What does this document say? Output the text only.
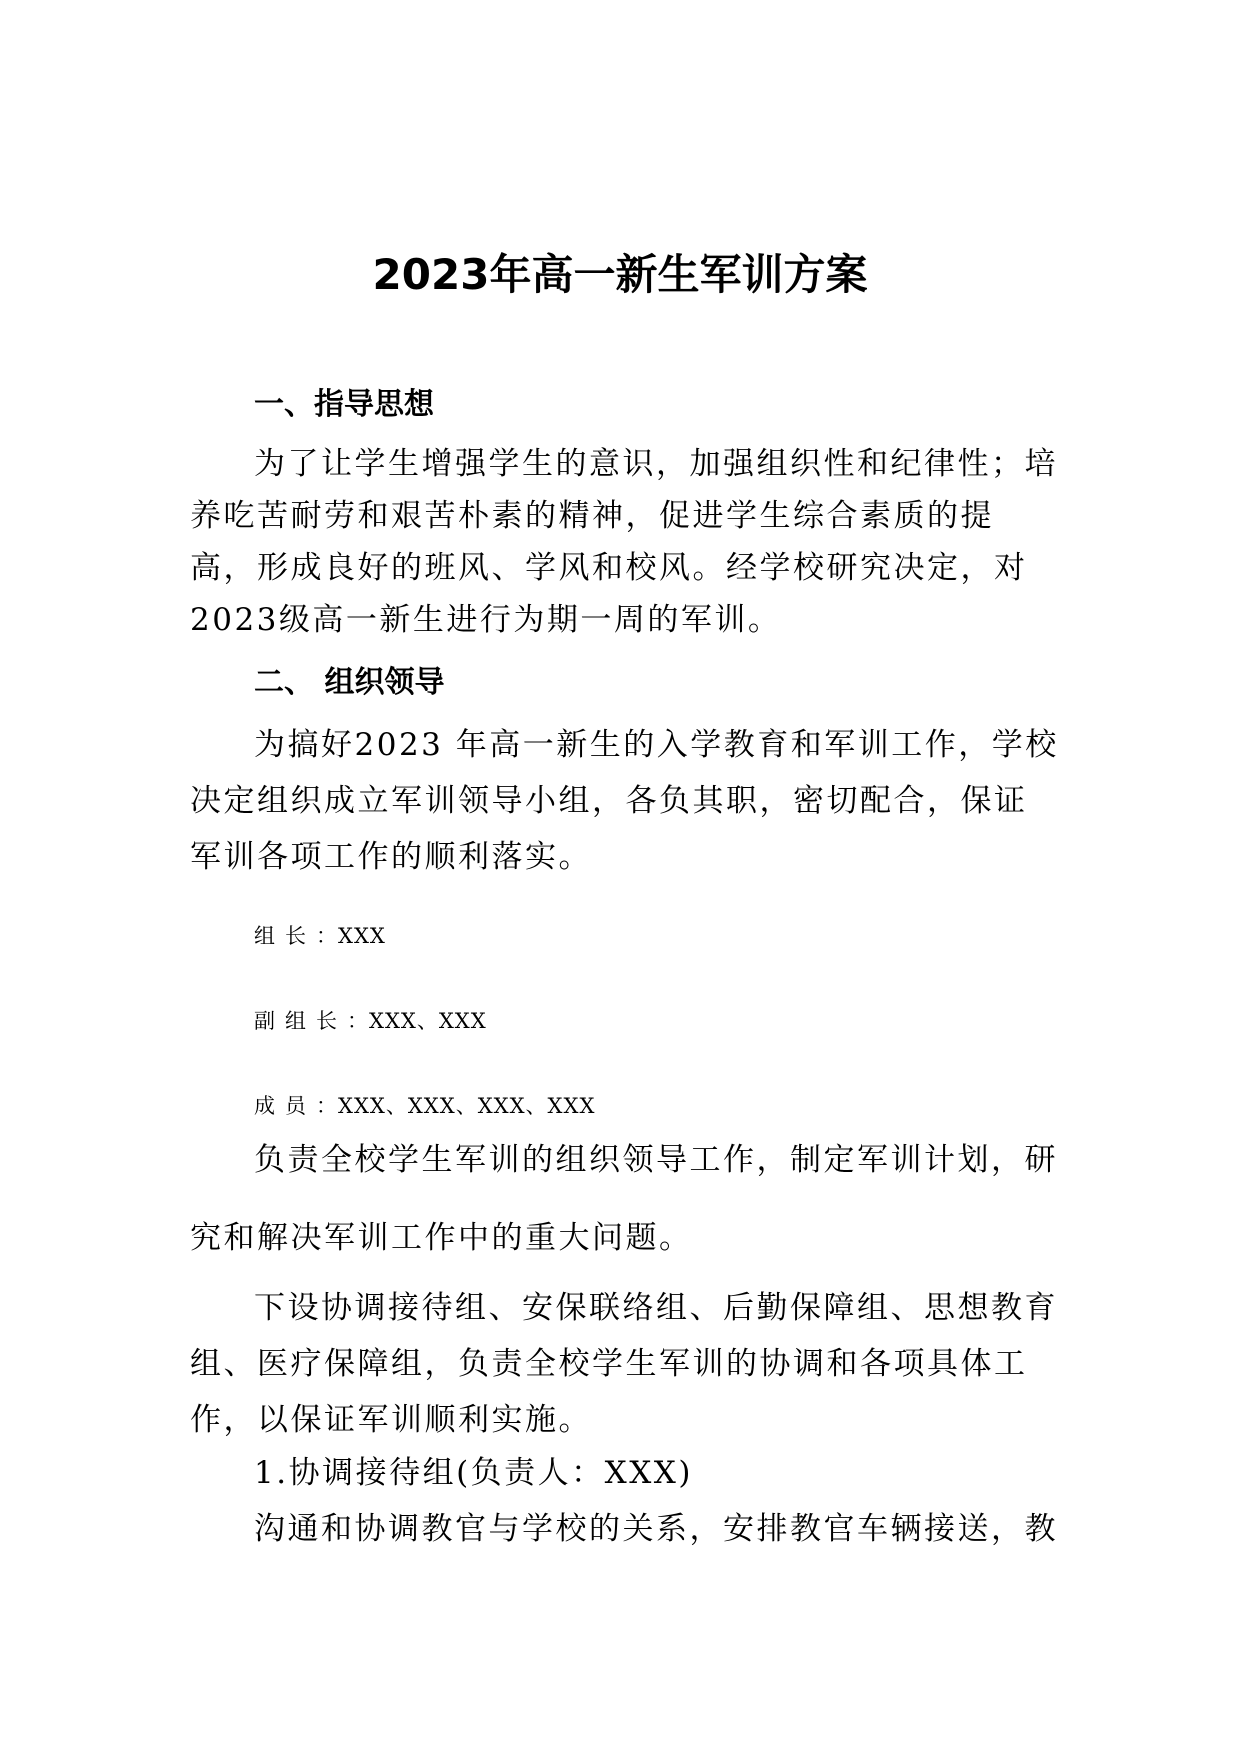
2023年高一新生军训方案
一、指导思想
为了让学生增强学生的意识，加强组织性和纪律性；培养吃苦耐劳和艰苦朴素的精神，促进学生综合素质的提高，形成良好的班风、学风和校风。经学校研究决定，对2023级高一新生进行为期一周的军训。
二、 组织领导
为搞好2023 年高一新生的入学教育和军训工作，学校决定组织成立军训领导小组，各负其职，密切配合，保证军训各项工作的顺利落实。
组长：XXX
副组长：XXX、XXX
成员：XXX、XXX、XXX、XXX
负责全校学生军训的组织领导工作，制定军训计划，研
究和解决军训工作中的重大问题。
下设协调接待组、安保联络组、后勤保障组、思想教育组、医疗保障组，负责全校学生军训的协调和各项具体工作，以保证军训顺利实施。
1.协调接待组(负责人：XXX)
沟通和协调教官与学校的关系，安排教官车辆接送，教
